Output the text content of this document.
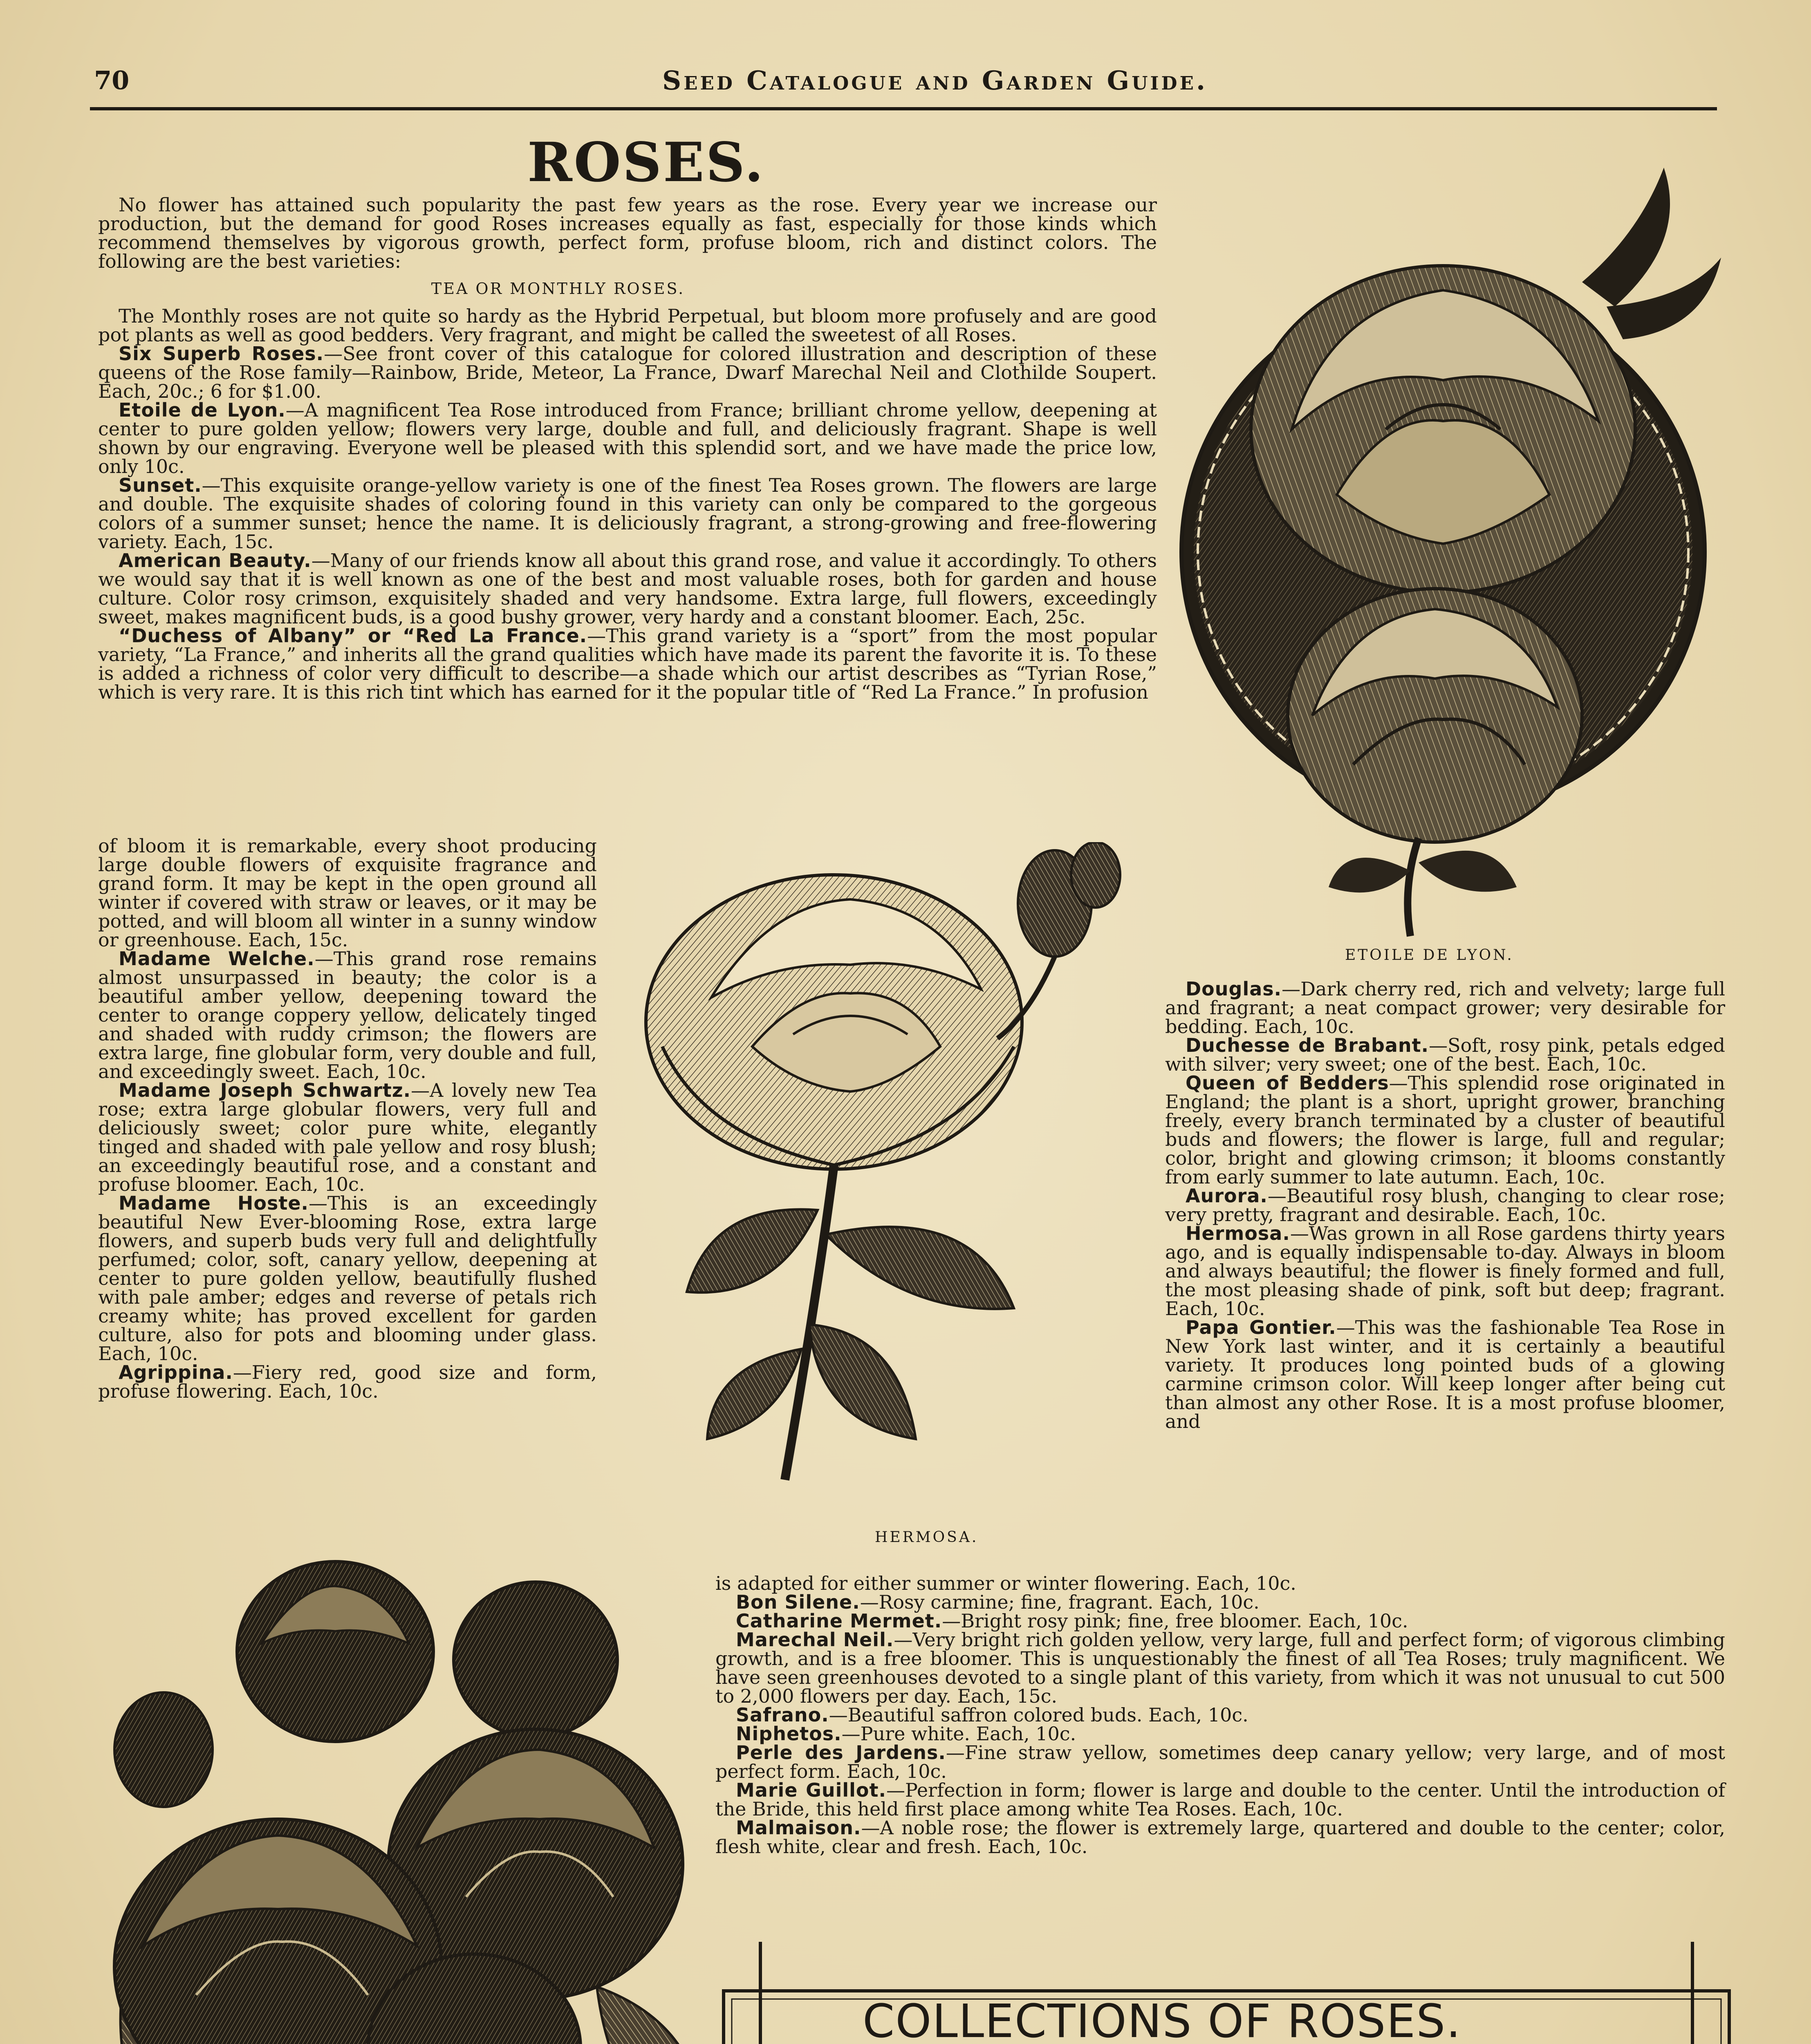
70	Seed Catalogue and Garden Guide.
ROSES.

No flower has attained such popularity the past few years as the rose. Every year we increase our production, but the demand for good Roses increases equally as fast, especially for those kinds which recommend themselves by vigorous growth, perfect form, profuse bloom, rich and distinct colors. The following are the best varieties:

TEA OR MONTHLY ROSES.

The Monthly roses are not quite so hardy as the Hybrid Perpetual, but bloom more profusely and are good pot plants as well as good bedders. Very fragrant, and might be called the sweetest of all Roses.

Six Superb Roses.—See front cover of this catalogue for colored illustration and description of these queens of the Rose family—Rainbow, Bride, Meteor, La France, Dwarf Marechal Neil and Clothilde Soupert. Each, 20c.; 6 for $1.00.

Etoile de Lyon.—A magnificent Tea Rose introduced from France; brilliant chrome yellow, deepening at center to pure golden yellow; flowers very large, double and full, and deliciously fragrant. Shape is well shown by our engraving. Everyone well be pleased with this splendid sort, and we have made the price low, only 10c.

Sunset.—This exquisite orange-yellow variety is one of the finest Tea Roses grown. The flowers are large and double. The exquisite shades of coloring found in this variety can only be compared to the gorgeous colors of a summer sunset; hence the name. It is deliciously fragrant, a strong-growing and free-flowering variety. Each, 15c.

American Beauty.—Many of our friends know all about this grand rose, and value it accordingly. To others we would say that it is well known as one of the best and most valuable roses, both for garden and house culture. Color rosy crimson, exquisitely shaded and very handsome. Extra large, full flowers, exceedingly sweet, makes magnificent buds, is a good bushy grower, very hardy and a constant bloomer. Each, 25c.

“Duchess of Albany” or “Red La France.—This grand variety is a “sport” from the most popular variety, “La France,” and inherits all the grand qualities which have made its parent the favorite it is. To these is added a richness of color very difficult to describe—a shade which our artist describes as “Tyrian Rose,” which is very rare. It is this rich tint which has earned for it the popular title of “Red La France.” In profusion

of bloom it is remarkable, every shoot producing large double flowers of exquisite fragrance and grand form. It may be kept in the open ground all winter if covered with straw or leaves, or it may be potted, and will bloom all winter in a sunny window or greenhouse. Each, 15c.

Madame Welche.—This grand rose remains almost unsurpassed in beauty; the color is a beautiful amber yellow, deepening toward the center to orange coppery yellow, delicately tinged and shaded with ruddy crimson; the flowers are extra large, fine globular form, very double and full, and exceedingly sweet. Each, 10c.

Madame Joseph Schwartz.—A lovely new Tea rose; extra large globular flowers, very full and deliciously sweet; color pure white, elegantly tinged and shaded with pale yellow and rosy blush; an exceedingly beautiful rose, and a constant and profuse bloomer. Each, 10c.

Madame Hoste.—This is an exceedingly beautiful New Ever-blooming Rose, extra large flowers, and superb buds very full and delightfully perfumed; color, soft, canary yellow, deepening at center to pure golden yellow, beautifully flushed with pale amber; edges and reverse of petals rich creamy white; has proved excellent for garden culture, also for pots and blooming under glass. Each, 10c.

Agrippina.—Fiery red, good size and form, profuse flowering. Each, 10c.

Douglas.—Dark cherry red, rich and velvety; large full and fragrant; a neat compact grower; very desirable for bedding. Each, 10c.

Duchesse de Brabant.—Soft, rosy pink, petals edged with silver; very sweet; one of the best. Each, 10c.

Queen of Bedders—This splendid rose originated in England; the plant is a short, upright grower, branching freely, every branch terminated by a cluster of beautiful buds and flowers; the flower is large, full and regular; color, bright and glowing crimson; it blooms constantly from early summer to late autumn. Each, 10c.

Aurora.—Beautiful rosy blush, changing to clear rose; very pretty, fragrant and desirable. Each, 10c.

Hermosa.—Was grown in all Rose gardens thirty years ago, and is equally indispensable to-day. Always in bloom and always beautiful; the flower is finely formed and full, the most pleasing shade of pink, soft but deep; fragrant. Each, 10c.

Papa Gontier.—This was the fashionable Tea Rose in New York last winter, and it is certainly a beautiful variety. It produces long pointed buds of a glowing carmine crimson color. Will keep longer after being cut than almost any other Rose. It is a most profuse bloomer, and

is adapted for either summer or winter flowering. Each, 10c.

Bon Silene.—Rosy carmine; fine, fragrant. Each, 10c.

Catharine Mermet.—Bright rosy pink; fine, free bloomer. Each, 10c.

Marechal Neil.—Very bright rich golden yellow, very large, full and perfect form; of vigorous climbing growth, and is a free bloomer. This is unquestionably the finest of all Tea Roses; truly magnificent. We have seen greenhouses devoted to a single plant of this variety, from which it was not unusual to cut 500 to 2,000 flowers per day. Each, 15c.

Safrano.—Beautiful saffron colored buds. Each, 10c.

Niphetos.—Pure white. Each, 10c.

Perle des Jardens.—Fine straw yellow, sometimes deep canary yellow; very large, and of most perfect form. Each, 10c.

Marie Guillot.—Perfection in form; flower is large and double to the center. Until the introduction of the Bride, this held first place among white Tea Roses. Each, 10c.

Malmaison.—A noble rose; the flower is extremely large, quartered and double to the center; color, flesh white, clear and fresh. Each, 10c.

ETOILE DE LYON.
HERMOSA.
COLLECTIONS OF ROSES.
